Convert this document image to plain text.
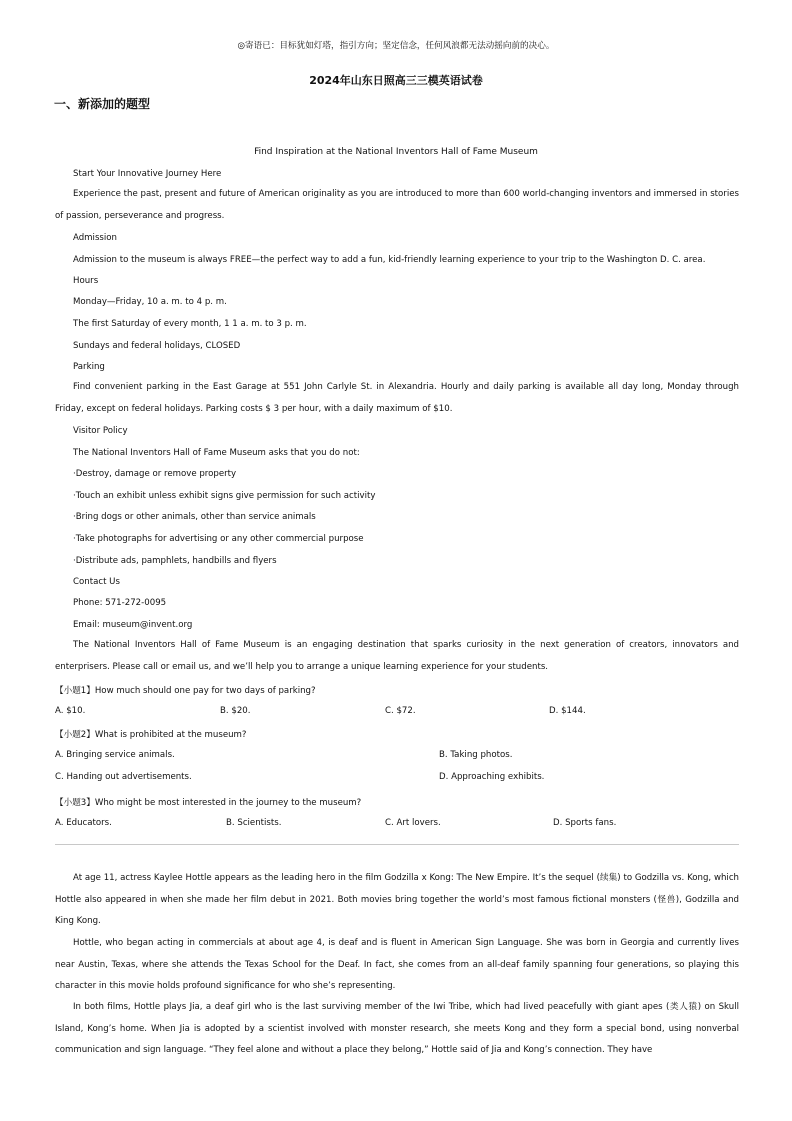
◎寄语已：目标犹如灯塔，指引方向；坚定信念，任何风浪都无法动摇向前的决心。
2024年山东日照高三三模英语试卷
一、新添加的题型
Find Inspiration at the National Inventors Hall of Fame Museum
Start Your Innovative Journey Here
Experience the past, present and future of American originality as you are introduced to more than 600 world-changing inventors and immersed in stories of passion, perseverance and progress.
Admission
Admission to the museum is always FREE—the perfect way to add a fun, kid-friendly learning experience to your trip to the Washington D. C. area.
Hours
Monday—Friday, 10 a. m. to 4 p. m.
The first Saturday of every month, 1 1 a. m. to 3 p. m.
Sundays and federal holidays, CLOSED
Parking
Find convenient parking in the East Garage at 551 John Carlyle St. in Alexandria. Hourly and daily parking is available all day long, Monday through Friday, except on federal holidays. Parking costs $ 3 per hour, with a daily maximum of $10.
Visitor Policy
The National Inventors Hall of Fame Museum asks that you do not:
·Destroy, damage or remove property
·Touch an exhibit unless exhibit signs give permission for such activity
·Bring dogs or other animals, other than service animals
·Take photographs for advertising or any other commercial purpose
·Distribute ads, pamphlets, handbills and flyers
Contact Us
Phone: 571-272-0095
Email: museum@invent.org
The National Inventors Hall of Fame Museum is an engaging destination that sparks curiosity in the next generation of creators, innovators and enterprisers. Please call or email us, and we’ll help you to arrange a unique learning experience for your students.
【小题1】How much should one pay for two days of parking?
A. $10.	B. $20.	C. $72.	D. $144.
【小题2】What is prohibited at the museum?
A. Bringing service animals.	B. Taking photos.
C. Handing out advertisements.	D. Approaching exhibits.
【小题3】Who might be most interested in the journey to the museum?
A. Educators.	B. Scientists.	C. Art lovers.	D. Sports fans.
At age 11, actress Kaylee Hottle appears as the leading hero in the film Godzilla x Kong: The New Empire. It’s the sequel (续集) to Godzilla vs. Kong, which Hottle also appeared in when she made her film debut in 2021. Both movies bring together the world’s most famous fictional monsters (怪兽), Godzilla and King Kong.
Hottle, who began acting in commercials at about age 4, is deaf and is fluent in American Sign Language. She was born in Georgia and currently lives near Austin, Texas, where she attends the Texas School for the Deaf. In fact, she comes from an all-deaf family spanning four generations, so playing this character in this movie holds profound significance for who she’s representing.
In both films, Hottle plays Jia, a deaf girl who is the last surviving member of the Iwi Tribe, which had lived peacefully with giant apes (类人猿) on Skull Island, Kong’s home. When Jia is adopted by a scientist involved with monster research, she meets Kong and they form a special bond, using nonverbal communication and sign language. “They feel alone and without a place they belong,” Hottle said of Jia and Kong’s connection. They have
